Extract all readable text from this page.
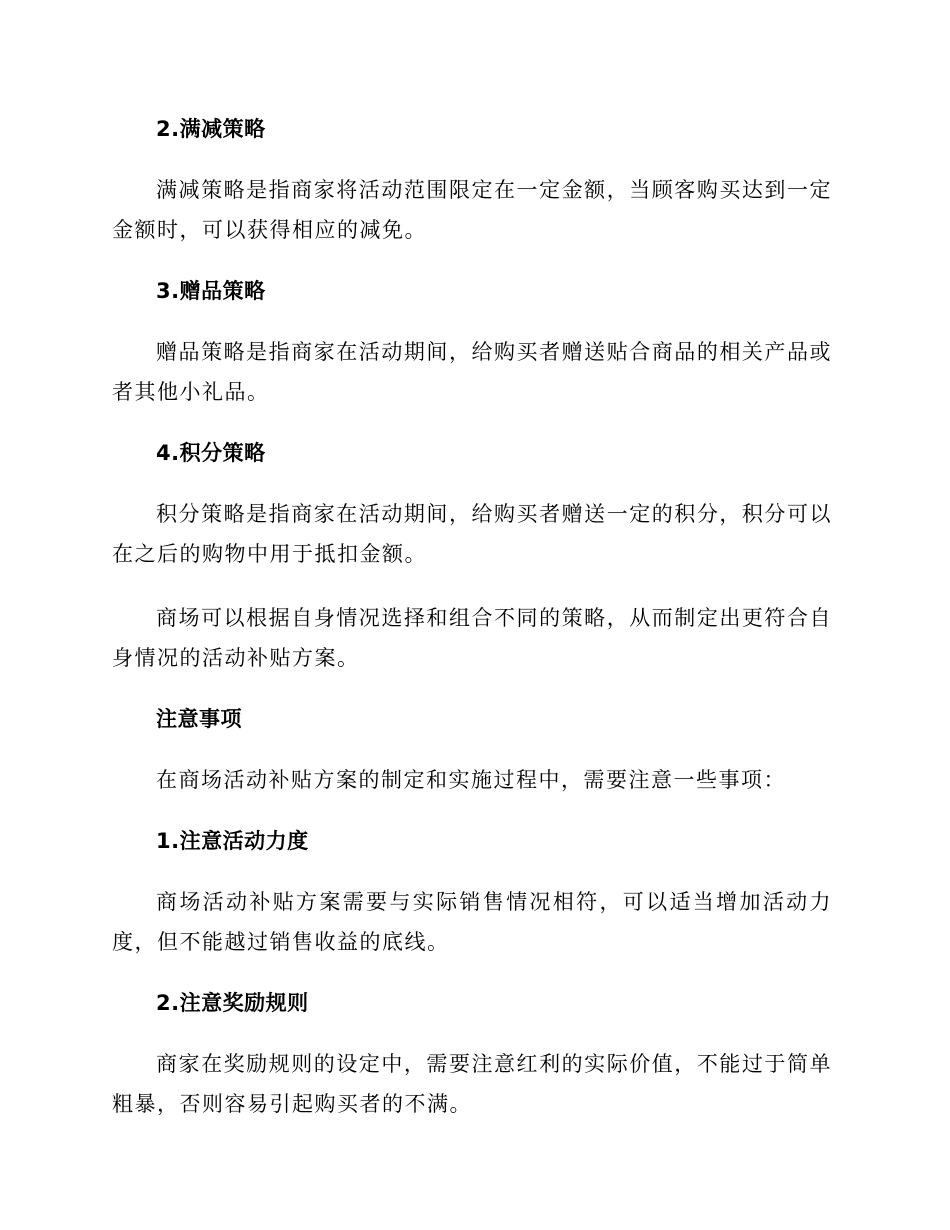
2.满减策略

满减策略是指商家将活动范围限定在一定金额，当顾客购买达到一定金额时，可以获得相应的减免。

3.赠品策略

赠品策略是指商家在活动期间，给购买者赠送贴合商品的相关产品或者其他小礼品。

4.积分策略

积分策略是指商家在活动期间，给购买者赠送一定的积分，积分可以在之后的购物中用于抵扣金额。

商场可以根据自身情况选择和组合不同的策略，从而制定出更符合自身情况的活动补贴方案。

注意事项

在商场活动补贴方案的制定和实施过程中，需要注意一些事项：

1.注意活动力度

商场活动补贴方案需要与实际销售情况相符，可以适当增加活动力度，但不能越过销售收益的底线。

2.注意奖励规则

商家在奖励规则的设定中，需要注意红利的实际价值，不能过于简单粗暴，否则容易引起购买者的不满。
